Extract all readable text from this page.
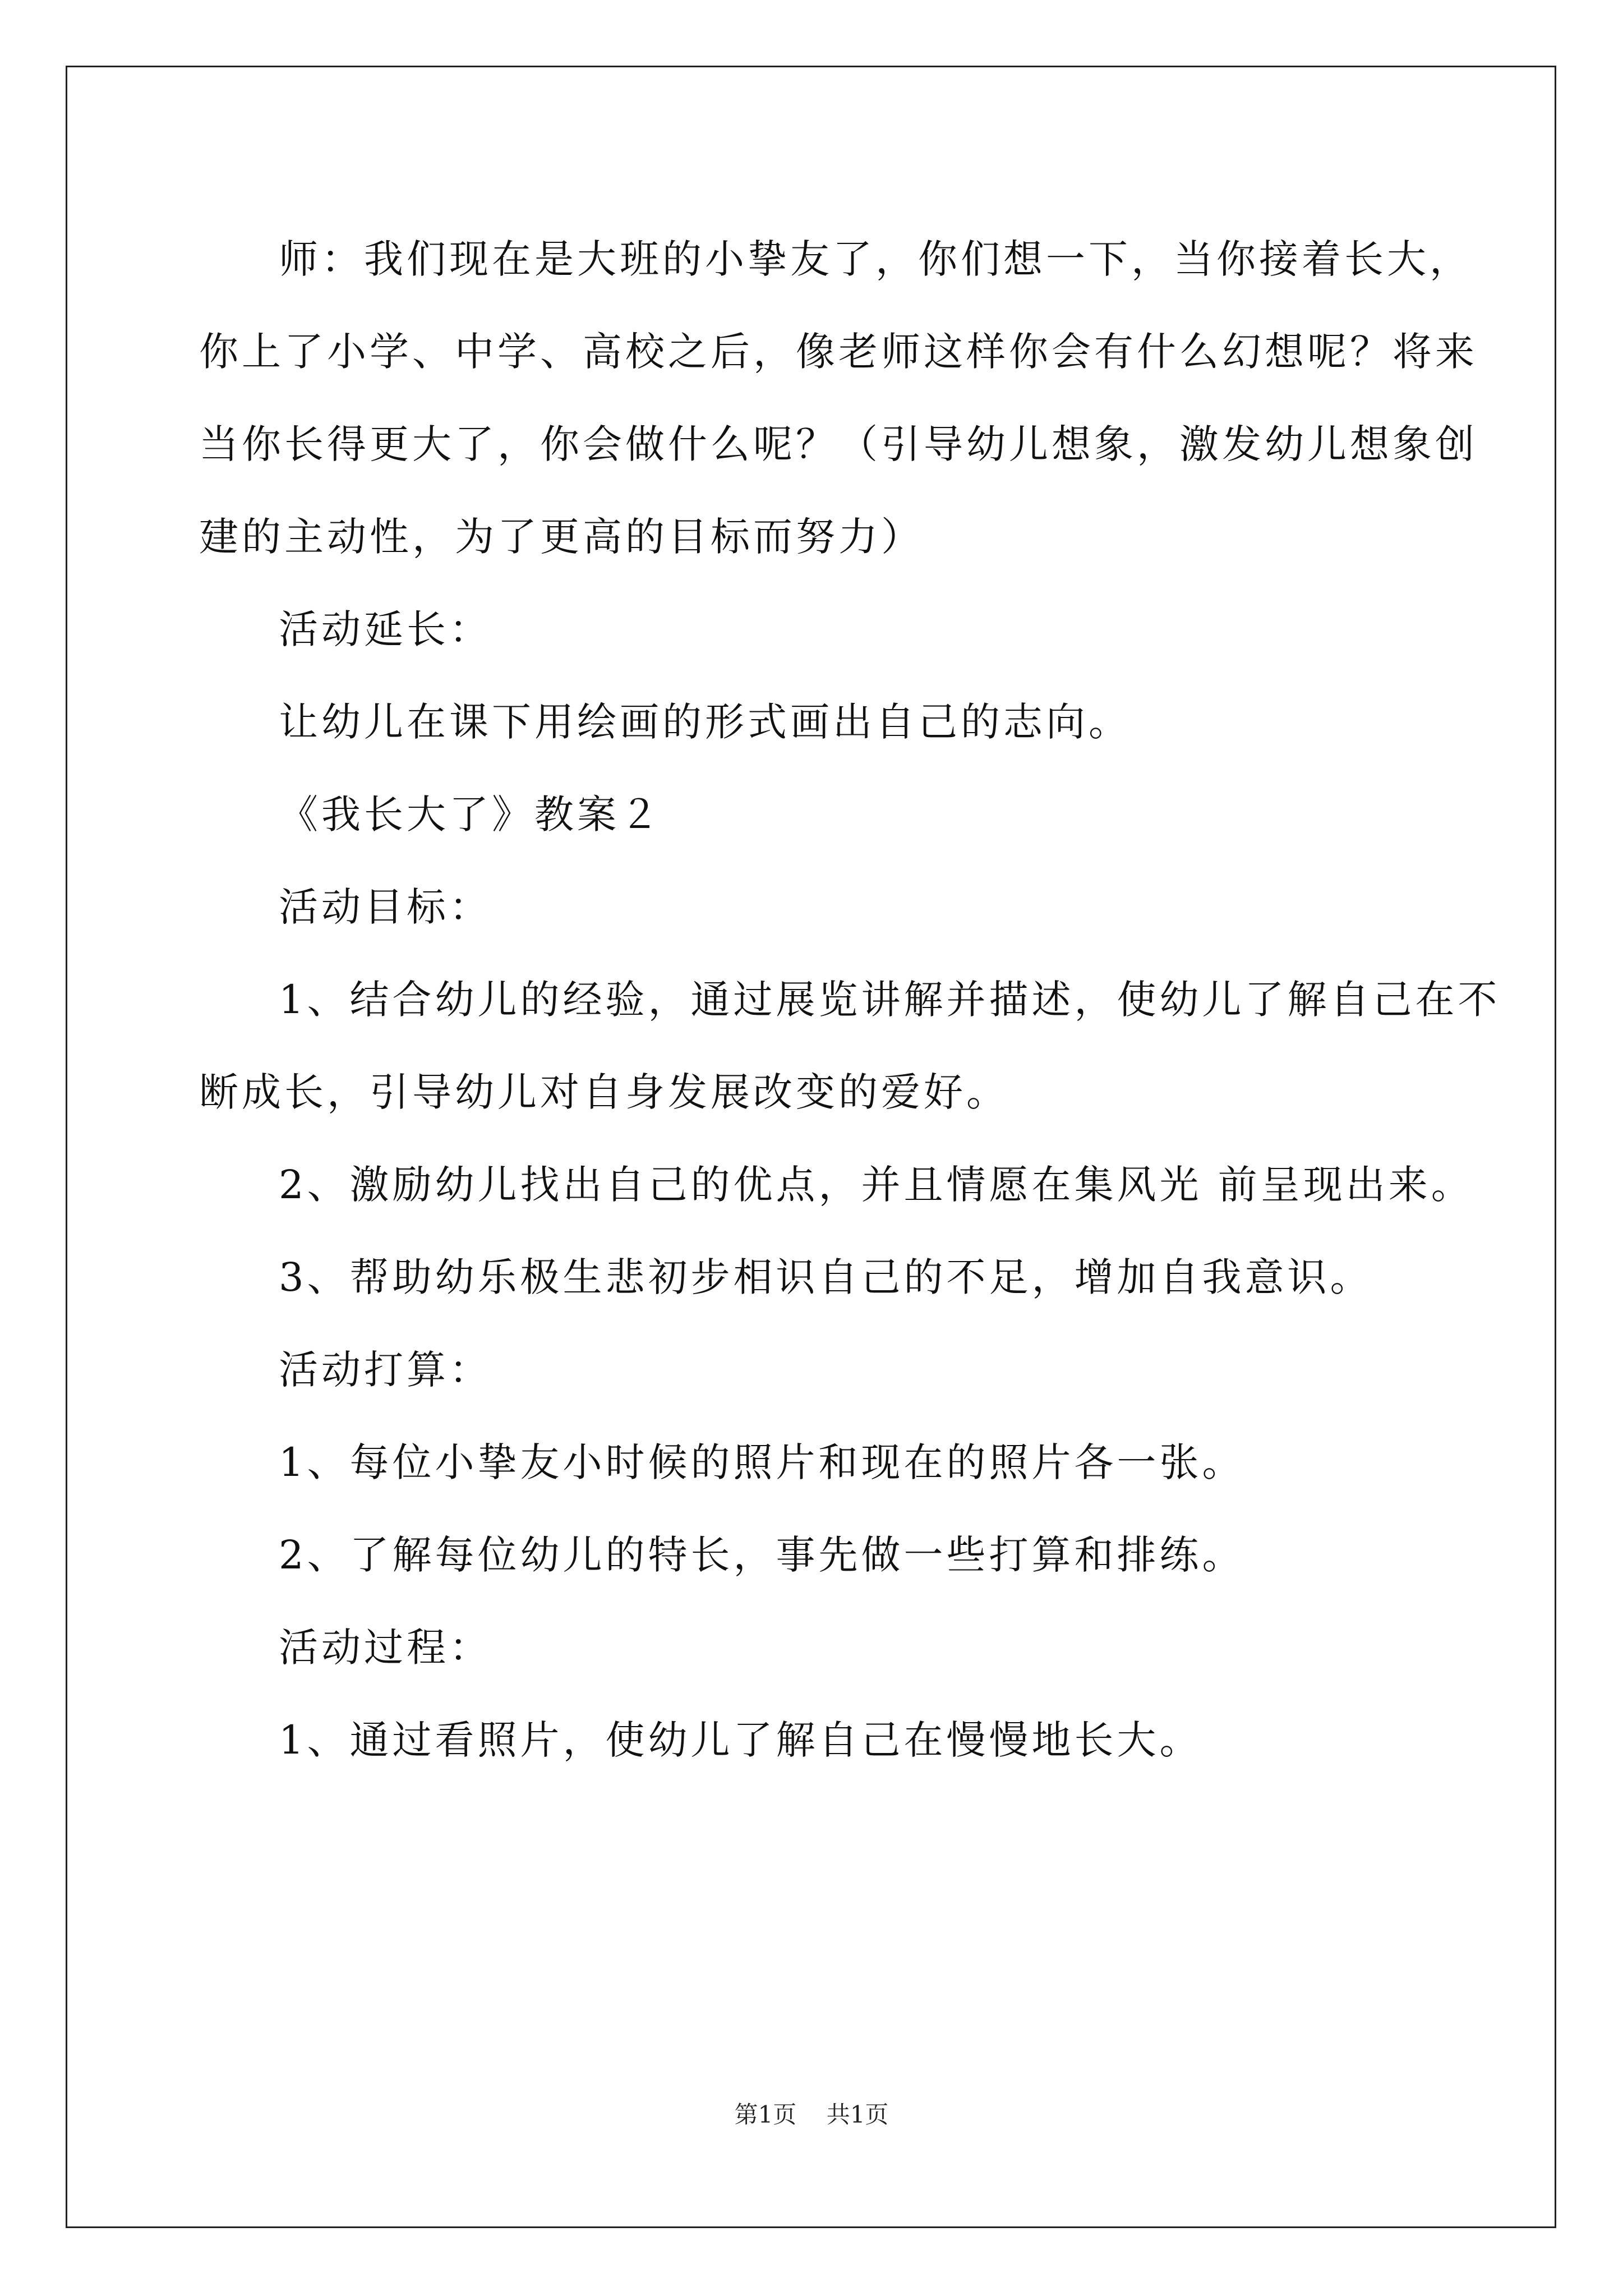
师：我们现在是大班的小挚友了，你们想一下，当你接着长大，

你上了小学、中学、高校之后，像老师这样你会有什么幻想呢？将来
当你长得更大了，你会做什么呢？（引导幼儿想象，激发幼儿想象创
建的主动性，为了更高的目标而努力）

活动延长：

让幼儿在课下用绘画的形式画出自己的志向。

《我长大了》教案２

活动目标：

1、结合幼儿的经验，通过展览讲解并描述，使幼儿了解自己在不

断成长，引导幼儿对自身发展改变的爱好。

2、激励幼儿找出自己的优点，并且情愿在集风光 前呈现出来。

3、帮助幼乐极生悲初步相识自己的不足，增加自我意识。

活动打算：

1、每位小挚友小时候的照片和现在的照片各一张。

2、了解每位幼儿的特长，事先做一些打算和排练。

活动过程：

1、通过看照片，使幼儿了解自己在慢慢地长大。

第1页 共1页
